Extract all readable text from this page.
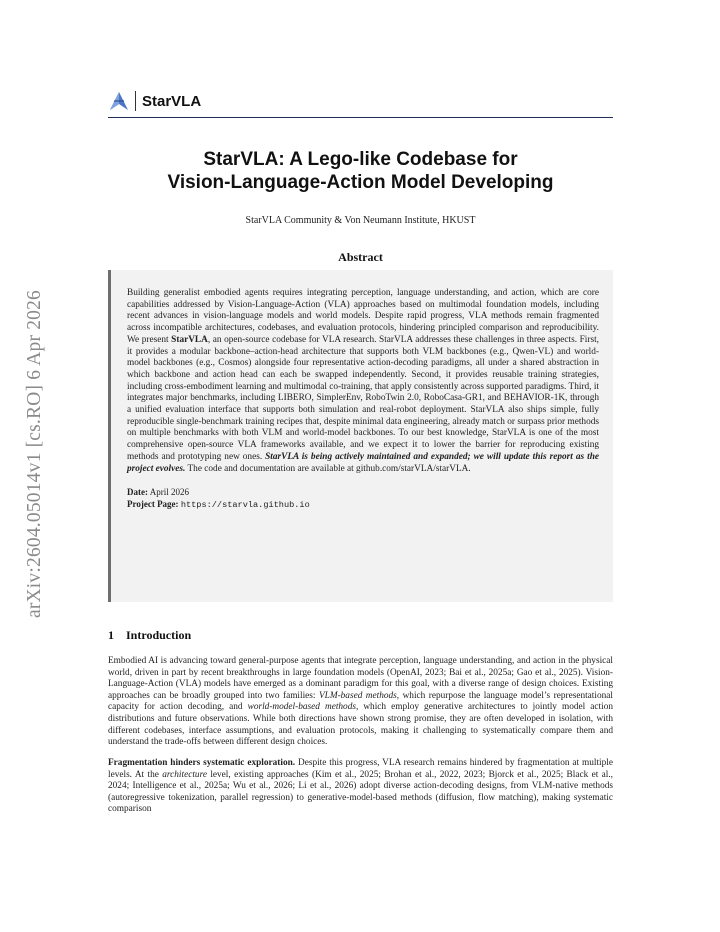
arXiv:2604.05014v1 [cs.RO] 6 Apr 2026
StarVLA
StarVLA: A Lego-like Codebase for
Vision-Language-Action Model Developing
StarVLA Community & Von Neumann Institute, HKUST
Abstract
Building generalist embodied agents requires integrating perception, language understanding, and action, which are core capabilities addressed by Vision-Language-Action (VLA) approaches based on multimodal foundation models, including recent advances in vision-language models and world models. Despite rapid progress, VLA methods remain fragmented across incompatible architectures, codebases, and evaluation protocols, hindering principled comparison and reproducibility. We present StarVLA, an open-source codebase for VLA research. StarVLA addresses these challenges in three aspects. First, it provides a modular backbone–action-head architecture that supports both VLM backbones (e.g., Qwen-VL) and world-model backbones (e.g., Cosmos) alongside four representative action-decoding paradigms, all under a shared abstraction in which backbone and action head can each be swapped independently. Second, it provides reusable training strategies, including cross-embodiment learning and multimodal co-training, that apply consistently across supported paradigms. Third, it integrates major benchmarks, including LIBERO, SimplerEnv, RoboTwin 2.0, RoboCasa-GR1, and BEHAVIOR-1K, through a unified evaluation interface that supports both simulation and real-robot deployment. StarVLA also ships simple, fully reproducible single-benchmark training recipes that, despite minimal data engineering, already match or surpass prior methods on multiple benchmarks with both VLM and world-model backbones. To our best knowledge, StarVLA is one of the most comprehensive open-source VLA frameworks available, and we expect it to lower the barrier for reproducing existing methods and prototyping new ones. StarVLA is being actively maintained and expanded; we will update this report as the project evolves. The code and documentation are available at github.com/starVLA/starVLA.
Date: April 2026
Project Page: https://starvla.github.io
1 Introduction
Embodied AI is advancing toward general-purpose agents that integrate perception, language understanding, and action in the physical world, driven in part by recent breakthroughs in large foundation models (OpenAI, 2023; Bai et al., 2025a; Gao et al., 2025). Vision-Language-Action (VLA) models have emerged as a dominant paradigm for this goal, with a diverse range of design choices. Existing approaches can be broadly grouped into two families: VLM-based methods, which repurpose the language model’s representational capacity for action decoding, and world-model-based methods, which employ generative architectures to jointly model action distributions and future observations. While both directions have shown strong promise, they are often developed in isolation, with different codebases, interface assumptions, and evaluation protocols, making it challenging to systematically compare them and understand the trade-offs between different design choices.
Fragmentation hinders systematic exploration. Despite this progress, VLA research remains hindered by fragmentation at multiple levels. At the architecture level, existing approaches (Kim et al., 2025; Brohan et al., 2022, 2023; Bjorck et al., 2025; Black et al., 2024; Intelligence et al., 2025a; Wu et al., 2026; Li et al., 2026) adopt diverse action-decoding designs, from VLM-native methods (autoregressive tokenization, parallel regression) to generative-model-based methods (diffusion, flow matching), making systematic comparison
